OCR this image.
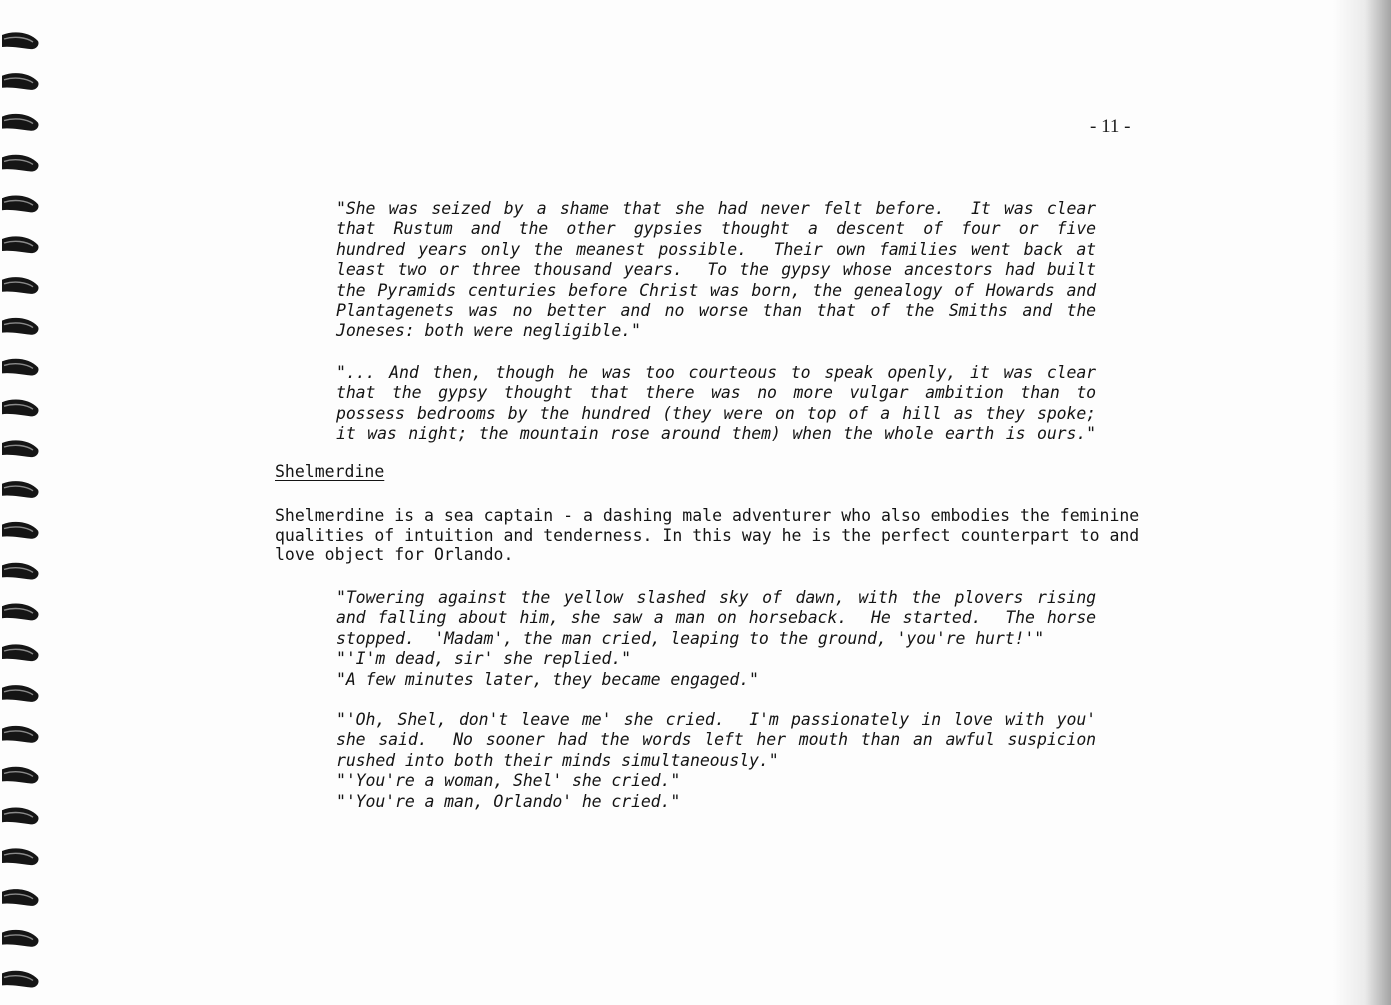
- 11 -
"She was seized by a shame that she had never felt before.  It was clear
that Rustum and the other gypsies thought a descent of four or five
hundred years only the meanest possible.  Their own families went back at
least two or three thousand years.  To the gypsy whose ancestors had built
the Pyramids centuries before Christ was born, the genealogy of Howards and
Plantagenets was no better and no worse than that of the Smiths and the
Joneses: both were negligible."
"... And then, though he was too courteous to speak openly, it was clear
that the gypsy thought that there was no more vulgar ambition than to
possess bedrooms by the hundred (they were on top of a hill as they spoke;
it was night; the mountain rose around them) when the whole earth is ours."
Shelmerdine
Shelmerdine is a sea captain - a dashing male adventurer who also embodies the feminine
qualities of intuition and tenderness. In this way he is the perfect counterpart to and
love object for Orlando.
"Towering against the yellow slashed sky of dawn, with the plovers rising
and falling about him, she saw a man on horseback.  He started.  The horse
stopped.  'Madam', the man cried, leaping to the ground, 'you're hurt!'"
"'I'm dead, sir' she replied."
"A few minutes later, they became engaged."
"'Oh, Shel, don't leave me' she cried.  I'm passionately in love with you'
she said.  No sooner had the words left her mouth than an awful suspicion
rushed into both their minds simultaneously."
"'You're a woman, Shel' she cried."
"'You're a man, Orlando' he cried."
